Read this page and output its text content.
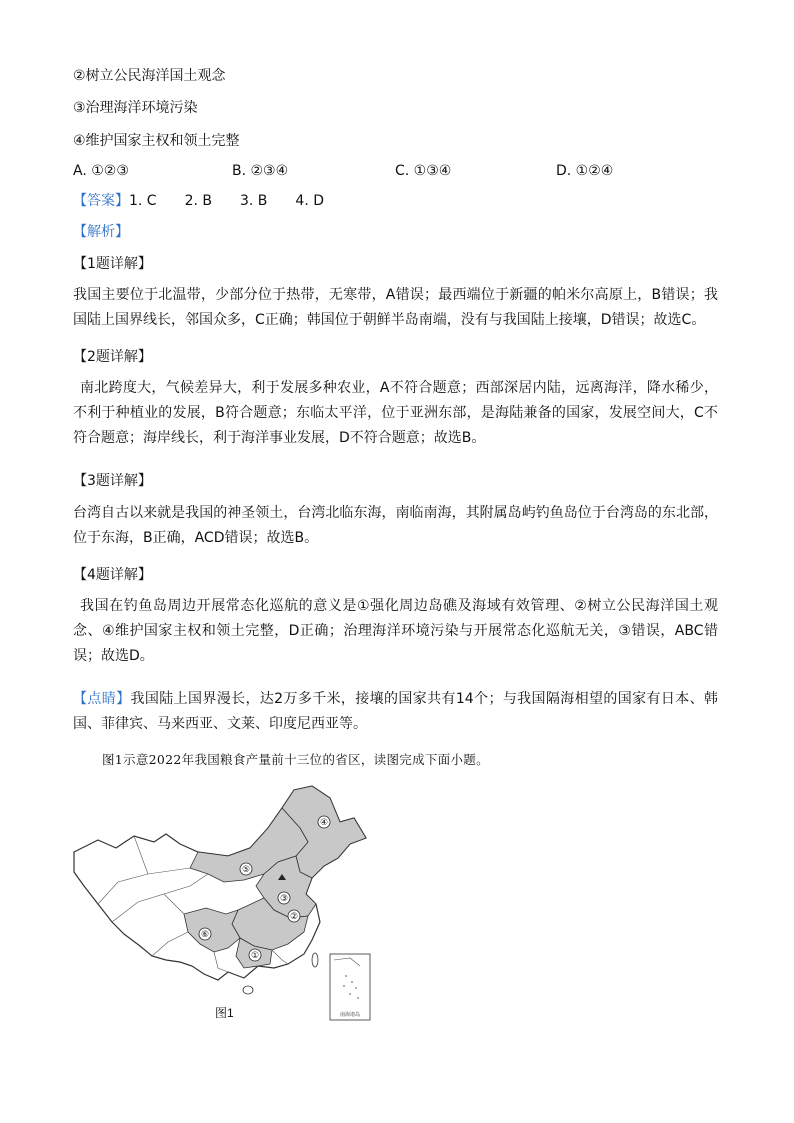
②树立公民海洋国土观念
③治理海洋环境污染
④维护国家主权和领土完整
A. ①②③	B. ②③④	C. ①③④	D. ①②④
【答案】1. C　　2. B　　3. B　　4. D
【解析】
【1题详解】
我国主要位于北温带，少部分位于热带，无寒带，A错误；最西端位于新疆的帕米尔高原上，B错误；我国陆上国界线长，邻国众多，C正确；韩国位于朝鲜半岛南端，没有与我国陆上接壤，D错误；故选C。
【2题详解】
南北跨度大，气候差异大，利于发展多种农业，A不符合题意；西部深居内陆，远离海洋，降水稀少，不利于种植业的发展，B符合题意；东临太平洋，位于亚洲东部，是海陆兼备的国家，发展空间大，C不符合题意；海岸线长，利于海洋事业发展，D不符合题意；故选B。
【3题详解】
台湾自古以来就是我国的神圣领土，台湾北临东海，南临南海，其附属岛屿钓鱼岛位于台湾岛的东北部，位于东海，B正确，ACD错误；故选B。
【4题详解】
我国在钓鱼岛周边开展常态化巡航的意义是①强化周边岛礁及海域有效管理、②树立公民海洋国土观念、④维护国家主权和领土完整，D正确；治理海洋环境污染与开展常态化巡航无关，③错误，ABC错误；故选D。
【点睛】我国陆上国界漫长，达2万多千米，接壤的国家共有14个；与我国隔海相望的国家有日本、韩国、菲律宾、马来西亚、文莱、印度尼西亚等。
图1示意2022年我国粮食产量前十三位的省区，读图完成下面小题。
④
⑤
③
②
⑥
①
南海诸岛
图1
